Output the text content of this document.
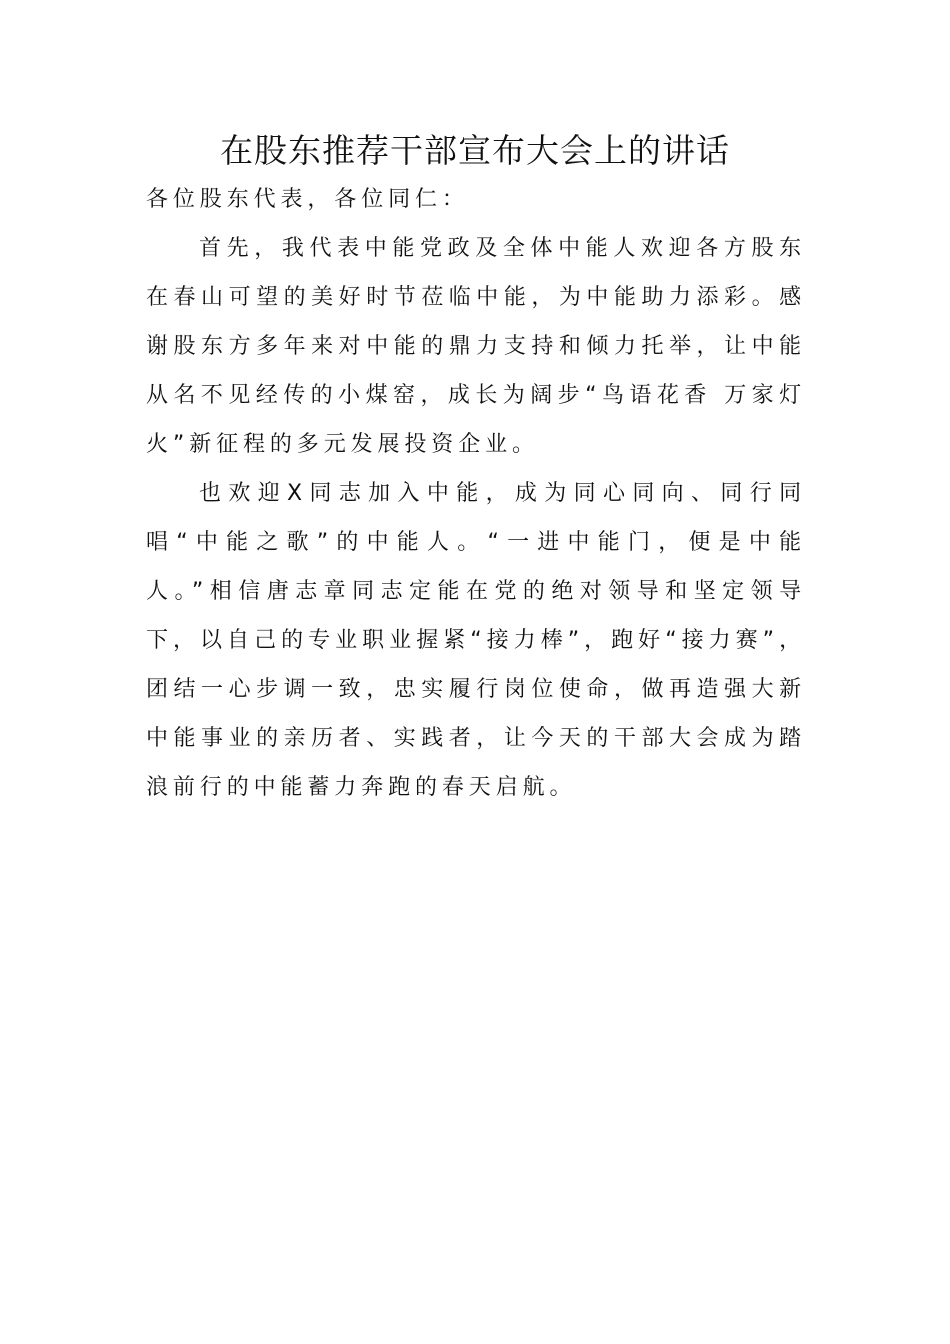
在股东推荐干部宣布大会上的讲话

各位股东代表，各位同仁：

首先，我代表中能党政及全体中能人欢迎各方股东在春山可望的美好时节莅临中能，为中能助力添彩。感谢股东方多年来对中能的鼎力支持和倾力托举，让中能从名不见经传的小煤窑，成长为阔步“鸟语花香 万家灯火”新征程的多元发展投资企业。

也欢迎X同志加入中能，成为同心同向、同行同唱“中能之歌”的中能人。“一进中能门，便是中能人。”相信唐志章同志定能在党的绝对领导和坚定领导下，以自己的专业职业握紧“接力棒”，跑好“接力赛”，团结一心步调一致，忠实履行岗位使命，做再造强大新中能事业的亲历者、实践者，让今天的干部大会成为踏浪前行的中能蓄力奔跑的春天启航。
